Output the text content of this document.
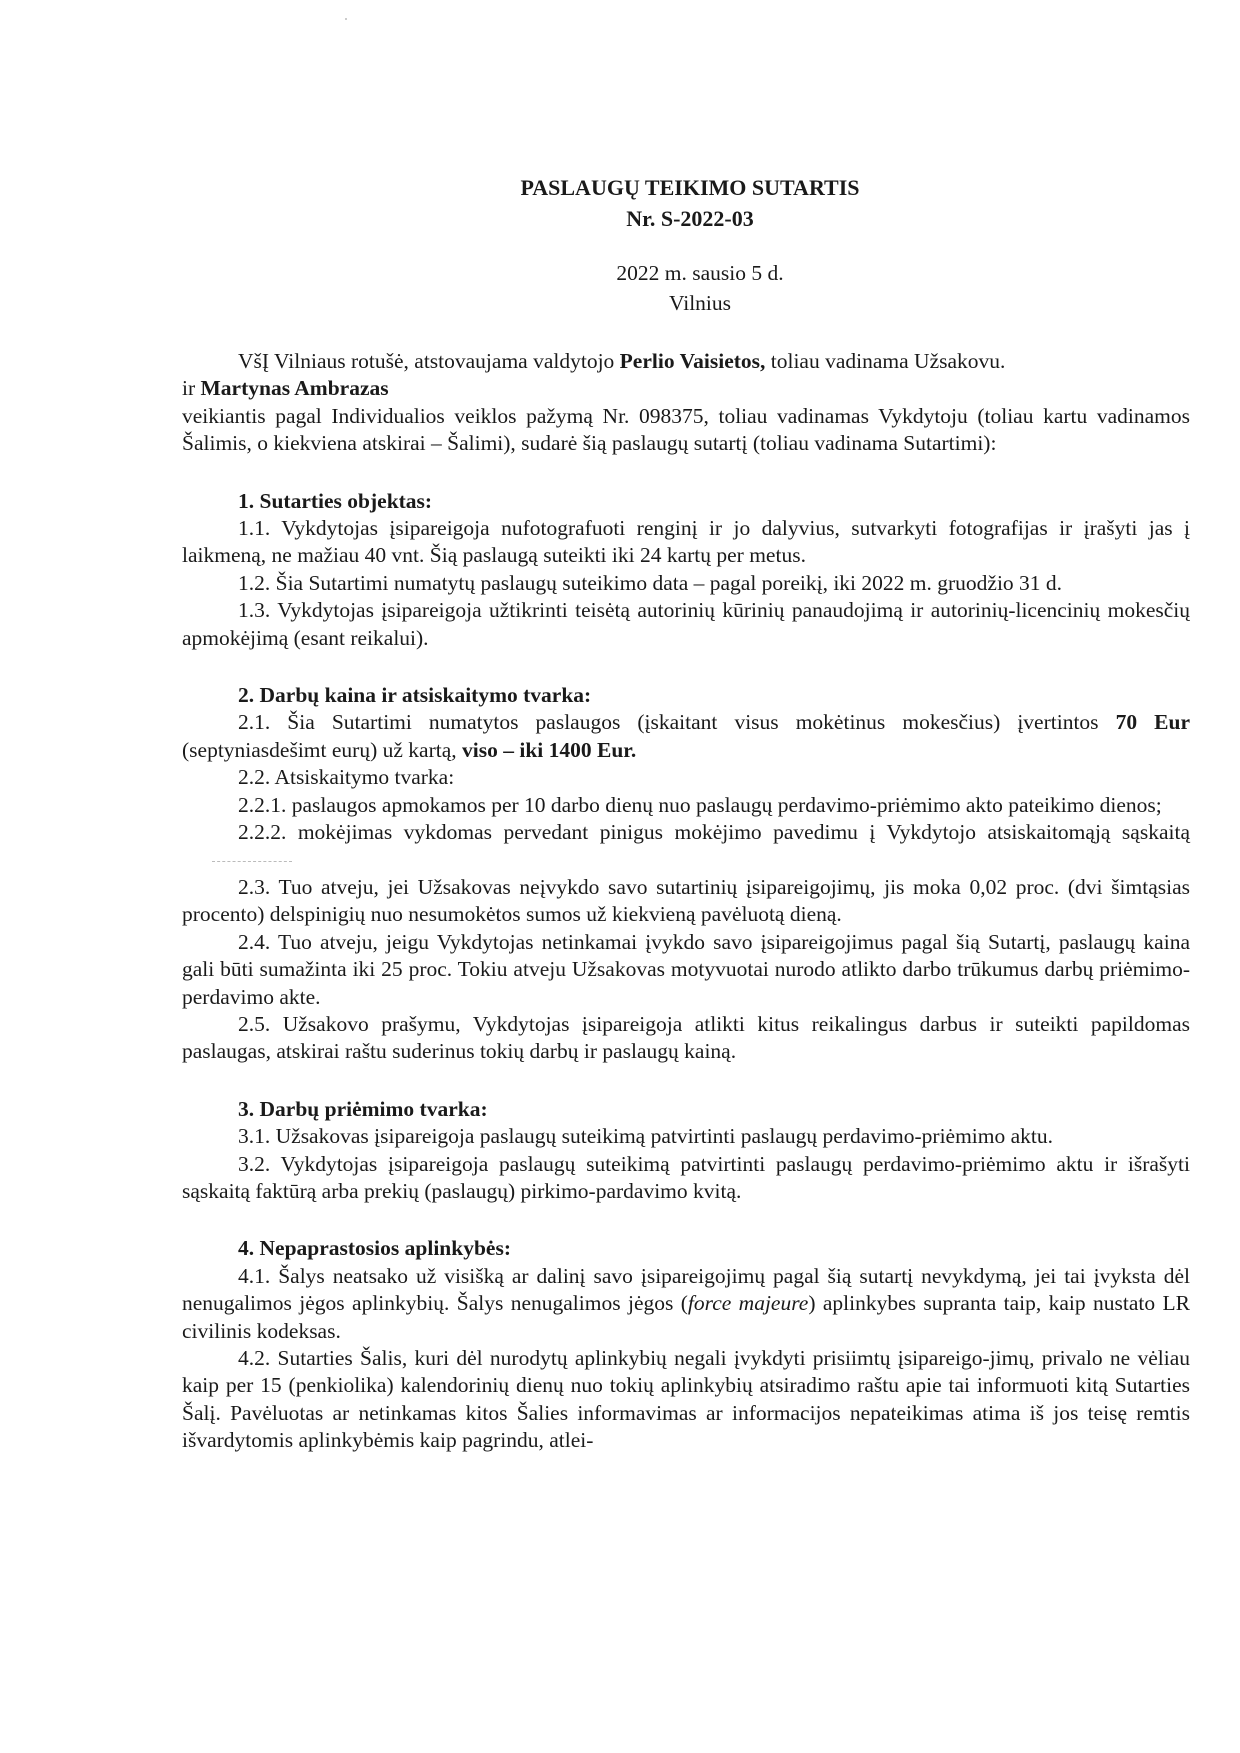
PASLAUGŲ TEIKIMO SUTARTIS
Nr. S-2022-03
2022 m. sausio 5 d.
Vilnius

VšĮ Vilniaus rotušė, atstovaujama valdytojo Perlio Vaisietos, toliau vadinama Užsakovu.

ir Martynas Ambrazas

veikiantis pagal Individualios veiklos pažymą Nr. 098375, toliau vadinamas Vykdytoju (toliau kartu vadinamos Šalimis, o kiekviena atskirai – Šalimi), sudarė šią paslaugų sutartį (toliau vadinama Sutartimi):

1. Sutarties objektas:

1.1. Vykdytojas įsipareigoja nufotografuoti renginį ir jo dalyvius, sutvarkyti fotografijas ir įrašyti jas į laikmeną, ne mažiau 40 vnt. Šią paslaugą suteikti iki 24 kartų per metus.

1.2. Šia Sutartimi numatytų paslaugų suteikimo data – pagal poreikį, iki 2022 m. gruodžio 31 d.

1.3. Vykdytojas įsipareigoja užtikrinti teisėtą autorinių kūrinių panaudojimą ir autorinių-licencinių mokesčių apmokėjimą (esant reikalui).

2. Darbų kaina ir atsiskaitymo tvarka:

2.1. Šia Sutartimi numatytos paslaugos (įskaitant visus mokėtinus mokesčius) įvertintos 70 Eur (septyniasdešimt eurų) už kartą, viso – iki 1400 Eur.

2.2. Atsiskaitymo tvarka:

2.2.1. paslaugos apmokamos per 10 darbo dienų nuo paslaugų perdavimo-priėmimo akto pateikimo dienos;

2.2.2. mokėjimas vykdomas pervedant pinigus mokėjimo pavedimu į Vykdytojo atsiskaitomąją sąskaitą

2.3. Tuo atveju, jei Užsakovas neįvykdo savo sutartinių įsipareigojimų, jis moka 0,02 proc. (dvi šimtąsias procento) delspinigių nuo nesumokėtos sumos už kiekvieną pavėluotą dieną.

2.4. Tuo atveju, jeigu Vykdytojas netinkamai įvykdo savo įsipareigojimus pagal šią Sutartį, paslaugų kaina gali būti sumažinta iki 25 proc. Tokiu atveju Užsakovas motyvuotai nurodo atlikto darbo trūkumus darbų priėmimo-perdavimo akte.

2.5. Užsakovo prašymu, Vykdytojas įsipareigoja atlikti kitus reikalingus darbus ir suteikti papildomas paslaugas, atskirai raštu suderinus tokių darbų ir paslaugų kainą.

3. Darbų priėmimo tvarka:

3.1. Užsakovas įsipareigoja paslaugų suteikimą patvirtinti paslaugų perdavimo-priėmimo aktu.

3.2. Vykdytojas įsipareigoja paslaugų suteikimą patvirtinti paslaugų perdavimo-priėmimo aktu ir išrašyti sąskaitą faktūrą arba prekių (paslaugų) pirkimo-pardavimo kvitą.

4. Nepaprastosios aplinkybės:

4.1. Šalys neatsako už visišką ar dalinį savo įsipareigojimų pagal šią sutartį nevykdymą, jei tai įvyksta dėl nenugalimos jėgos aplinkybių. Šalys nenugalimos jėgos (force majeure) aplinkybes supranta taip, kaip nustato LR civilinis kodeksas.

4.2. Sutarties Šalis, kuri dėl nurodytų aplinkybių negali įvykdyti prisiimtų įsipareigo-jimų, privalo ne vėliau kaip per 15 (penkiolika) kalendorinių dienų nuo tokių aplinkybių atsiradimo raštu apie tai informuoti kitą Sutarties Šalį. Pavėluotas ar netinkamas kitos Šalies informavimas ar informacijos nepateikimas atima iš jos teisę remtis išvardytomis aplinkybėmis kaip pagrindu, atlei-
